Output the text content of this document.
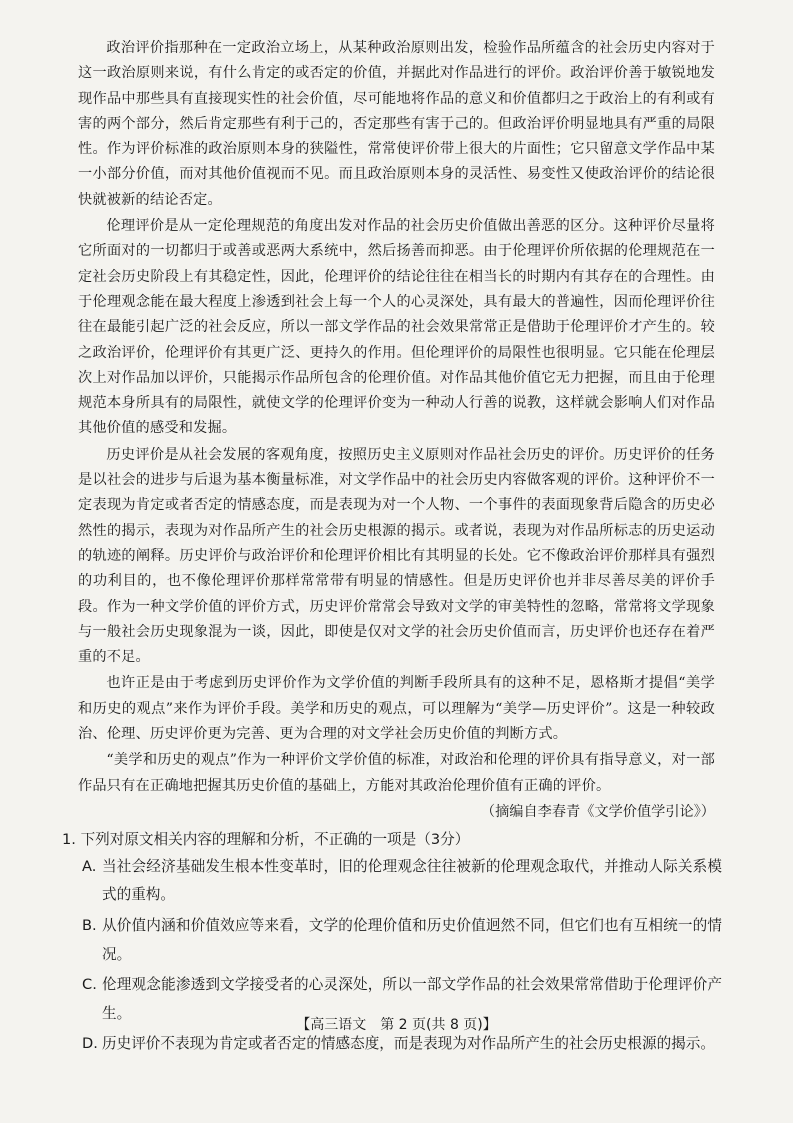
政治评价指那种在一定政治立场上，从某种政治原则出发，检验作品所蕴含的社会历史内容对于这一政治原则来说，有什么肯定的或否定的价值，并据此对作品进行的评价。政治评价善于敏锐地发现作品中那些具有直接现实性的社会价值，尽可能地将作品的意义和价值都归之于政治上的有利或有害的两个部分，然后肯定那些有利于己的，否定那些有害于己的。但政治评价明显地具有严重的局限性。作为评价标准的政治原则本身的狭隘性，常常使评价带上很大的片面性；它只留意文学作品中某一小部分价值，而对其他价值视而不见。而且政治原则本身的灵活性、易变性又使政治评价的结论很快就被新的结论否定。

伦理评价是从一定伦理规范的角度出发对作品的社会历史价值做出善恶的区分。这种评价尽量将它所面对的一切都归于或善或恶两大系统中，然后扬善而抑恶。由于伦理评价所依据的伦理规范在一定社会历史阶段上有其稳定性，因此，伦理评价的结论往往在相当长的时期内有其存在的合理性。由于伦理观念能在最大程度上渗透到社会上每一个人的心灵深处，具有最大的普遍性，因而伦理评价往往在最能引起广泛的社会反应，所以一部文学作品的社会效果常常正是借助于伦理评价才产生的。较之政治评价，伦理评价有其更广泛、更持久的作用。但伦理评价的局限性也很明显。它只能在伦理层次上对作品加以评价，只能揭示作品所包含的伦理价值。对作品其他价值它无力把握，而且由于伦理规范本身所具有的局限性，就使文学的伦理评价变为一种动人行善的说教，这样就会影响人们对作品其他价值的感受和发掘。

历史评价是从社会发展的客观角度，按照历史主义原则对作品社会历史的评价。历史评价的任务是以社会的进步与后退为基本衡量标准，对文学作品中的社会历史内容做客观的评价。这种评价不一定表现为肯定或者否定的情感态度，而是表现为对一个人物、一个事件的表面现象背后隐含的历史必然性的揭示，表现为对作品所产生的社会历史根源的揭示。或者说，表现为对作品所标志的历史运动的轨迹的阐释。历史评价与政治评价和伦理评价相比有其明显的长处。它不像政治评价那样具有强烈的功利目的，也不像伦理评价那样常常带有明显的情感性。但是历史评价也并非尽善尽美的评价手段。作为一种文学价值的评价方式，历史评价常常会导致对文学的审美特性的忽略，常常将文学现象与一般社会历史现象混为一谈，因此，即使是仅对文学的社会历史价值而言，历史评价也还存在着严重的不足。

也许正是由于考虑到历史评价作为文学价值的判断手段所具有的这种不足，恩格斯才提倡“美学和历史的观点”来作为评价手段。美学和历史的观点，可以理解为“美学—历史评价”。这是一种较政治、伦理、历史评价更为完善、更为合理的对文学社会历史价值的判断方式。

“美学和历史的观点”作为一种评价文学价值的标准，对政治和伦理的评价具有指导意义，对一部作品只有在正确地把握其历史价值的基础上，方能对其政治伦理价值有正确的评价。

（摘编自李春青《文学价值学引论》）

1. 下列对原文相关内容的理解和分析，不正确的一项是（3分）

A. 当社会经济基础发生根本性变革时，旧的伦理观念往往被新的伦理观念取代，并推动人际关系模式的重构。
B. 从价值内涵和价值效应等来看，文学的伦理价值和历史价值迥然不同，但它们也有互相统一的情况。
C. 伦理观念能渗透到文学接受者的心灵深处，所以一部文学作品的社会效果常常借助于伦理评价产生。
D. 历史评价不表现为肯定或者否定的情感态度，而是表现为对作品所产生的社会历史根源的揭示。
【高三语文　第 2 页(共 8 页)】
